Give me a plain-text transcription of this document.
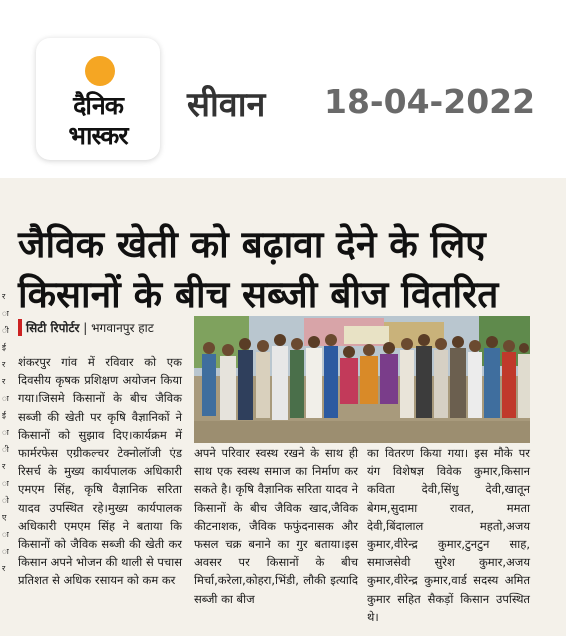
दैनिक
भास्कर
सीवान 18-04-2022
र ा ी ई र र ा ई ा ी र ा ो ए ा ा र
जैविक खेती को बढ़ावा देने के लिए
किसानों के बीच सब्जी बीज वितरित
सिटी रिपोर्टर | भगवानपुर हाट
शंकरपुर गांव में रविवार को एक दिवसीय कृषक प्रशिक्षण अयोजन किया गया।जिसमे किसानों के बीच जैविक सब्जी की खेती पर कृषि वैज्ञानिकों ने किसानों को सुझाव दिए।कार्यक्रम में फार्मरफेस एग्रीकल्चर टेक्नोलॉजी एंड रिसर्च के मुख्य कार्यपालक अधिकारी एमएम सिंह, कृषि वैज्ञानिक सरिता यादव उपस्थित रहे।मुख्य कार्यपालक अधिकारी एमएम सिंह ने बताया कि किसानों को जैविक सब्जी की खेती कर किसान अपने भोजन की थाली से पचास प्रतिशत से अधिक रसायन को कम कर
अपने परिवार स्वस्थ रखने के साथ ही साथ एक स्वस्थ समाज का निर्माण कर सकते है। कृषि वैज्ञानिक सरिता यादव ने किसानों के बीच जैविक खाद,जैविक कीटनाशक, जैविक फफुंदनासक और फसल चक्र बनाने का गुर बताया।इस अवसर पर किसानों के बीच मिर्चा,करेला,कोहरा,भिंडी, लौकी इत्यादि सब्जी का बीज
का वितरण किया गया। इस मौके पर यंग विशेषज्ञ विवेक कुमार,किसान कविता देवी,सिंधु देवी,खातून बेगम,सुदामा रावत, ममता देवी,बिंदालाल महतो,अजय कुमार,वीरेन्द्र कुमार,टुनटुन साह, समाजसेवी सुरेश कुमार,अजय कुमार,वीरेन्द्र कुमार,वार्ड सदस्य अमित कुमार सहित सैकड़ों किसान उपस्थित थे।
